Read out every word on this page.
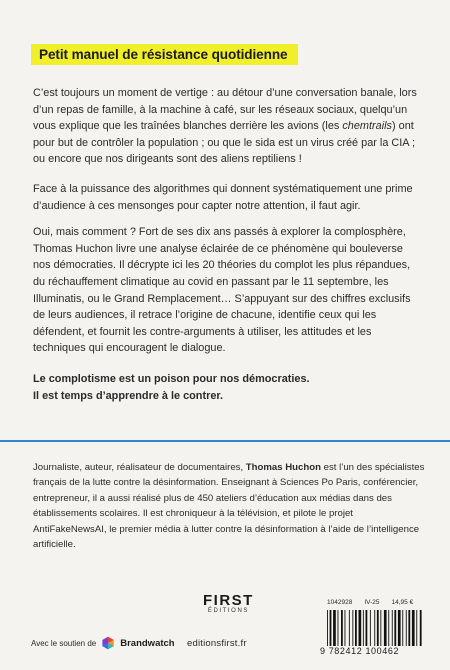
Petit manuel de résistance quotidienne

C’est toujours un moment de vertige : au détour d’une conversation banale, lors d’un repas de famille, à la machine à café, sur les réseaux sociaux, quelqu’un vous explique que les traînées blanches derrière les avions (les chemtrails) ont pour but de contrôler la population ; ou que le sida est un virus créé par la CIA ; ou encore que nos dirigeants sont des aliens reptiliens !

Face à la puissance des algorithmes qui donnent systématiquement une prime d’audience à ces mensonges pour capter notre attention, il faut agir.

Oui, mais comment ? Fort de ses dix ans passés à explorer la complosphère, Thomas Huchon livre une analyse éclairée de ce phénomène qui bouleverse nos démocraties. Il décrypte ici les 20 théories du complot les plus répandues, du réchauffement climatique au covid en passant par le 11 septembre, les Illuminatis, ou le Grand Remplacement… S’appuyant sur des chiffres exclusifs de leurs audiences, il retrace l’origine de chacune, identifie ceux qui les défendent, et fournit les contre-arguments à utiliser, les attitudes et les techniques qui encouragent le dialogue.

Le complotisme est un poison pour nos démocraties.
Il est temps d’apprendre à le contrer.
Journaliste, auteur, réalisateur de documentaires, Thomas Huchon est l’un des spécialistes français de la lutte contre la désinformation. Enseignant à Sciences Po Paris, conférencier, entrepreneur, il a aussi réalisé plus de 450 ateliers d’éducation aux médias dans des établissements scolaires. Il est chroniqueur à la télévision, et pilote le projet AntiFakeNewsAI, le premier média à lutter contre la désinformation à l’aide de l’intelligence artificielle.
Avec le soutien de	Brandwatch
FIRST
ÉDITIONS
editionsfirst.fr
1042928 IV-25 14,95 €
9 782412 100462
